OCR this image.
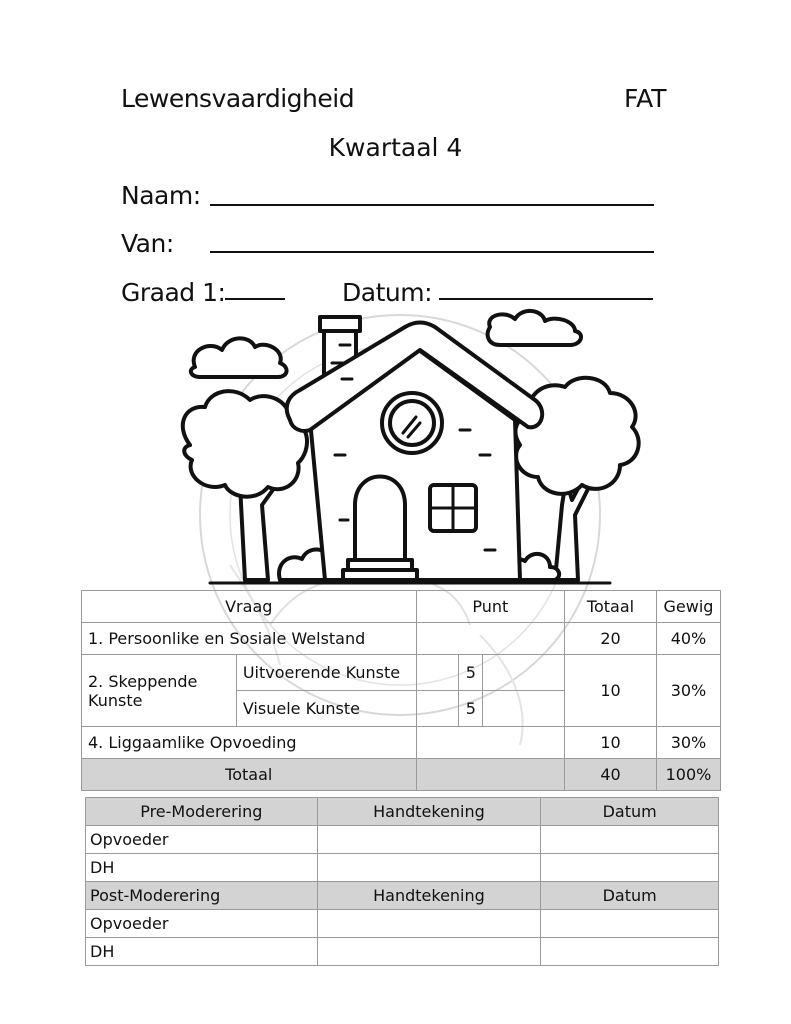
Lewensvaardigheid	FAT
Kwartaal 4
Naam:
Van:
Graad 1:	Datum:
Vraag		Punt			Totaal	Gewig
1. Persoonlike en Sosiale Welstand					20	40%
2. Skeppende Kunste	Uitvoerende Kunste		5		10	30%
	Visuele Kunste		5			
4. Liggaamlike Opvoeding					10	30%
Totaal					40	100%
Pre-Moderering	Handtekening	Datum
Opvoeder		
DH		
Post-Moderering	Handtekening	Datum
Opvoeder		
DH		
